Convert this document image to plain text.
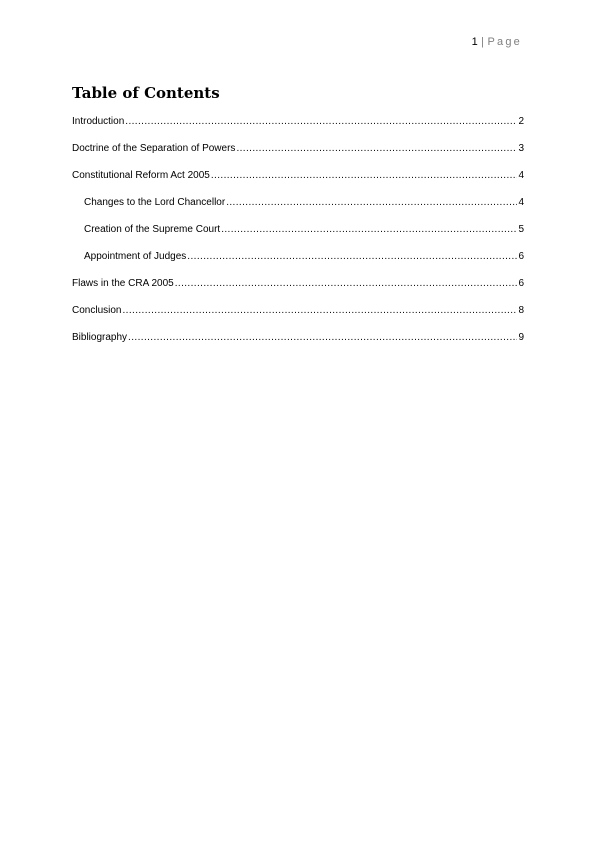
1 | Page
Table of Contents
Introduction .....	2
Doctrine of the Separation of Powers .....	3
Constitutional Reform Act 2005 .....	4
Changes to the Lord Chancellor .....	4
Creation of the Supreme Court .....	5
Appointment of Judges .....	6
Flaws in the CRA 2005 .....	6
Conclusion .....	8
Bibliography .....	9
